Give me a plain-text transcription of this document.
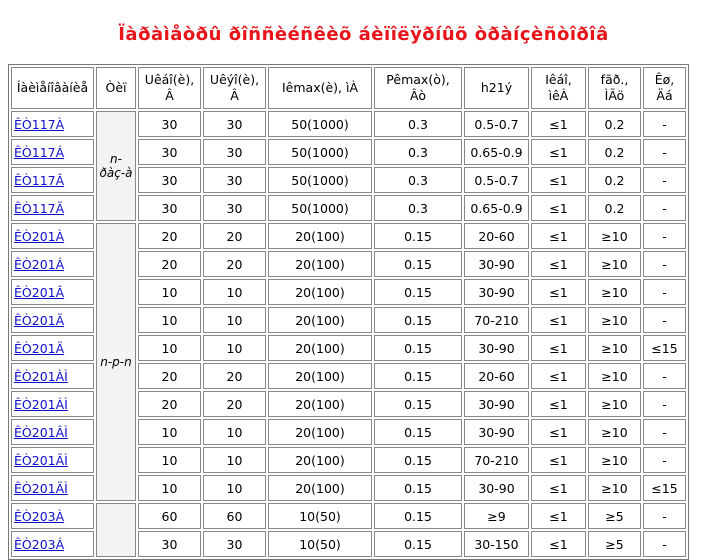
Ïàðàìåòðû ðîññèéñêèõ áèïîëÿðíûõ òðàíçèñòîðîâ
Íàèìåíîâàíèå	Òèï	Uêáî(è), Â	Uêýî(è), Â	Iêmax(è), ìÀ	Pêmax(ò), Âò	h21ý	Iêáî, ìêÀ	fãð., ÌÃö	Êø, Äá
ÊÒ117À	n-ðàç-à	30	30	50(1000)	0.3	0.5-0.7	≤1	0.2	-
ÊÒ117Á		30	30	50(1000)	0.3	0.65-0.9	≤1	0.2	-
ÊÒ117Â		30	30	50(1000)	0.3	0.5-0.7	≤1	0.2	-
ÊÒ117Ã		30	30	50(1000)	0.3	0.65-0.9	≤1	0.2	-
ÊÒ201À	n-p-n	20	20	20(100)	0.15	20-60	≤1	≥10	-
ÊÒ201Á		20	20	20(100)	0.15	30-90	≤1	≥10	-
ÊÒ201Â		10	10	20(100)	0.15	30-90	≤1	≥10	-
ÊÒ201Ã		10	10	20(100)	0.15	70-210	≤1	≥10	-
ÊÒ201Ä		10	10	20(100)	0.15	30-90	≤1	≥10	≤15
ÊÒ201ÀÌ		20	20	20(100)	0.15	20-60	≤1	≥10	-
ÊÒ201ÁÌ		20	20	20(100)	0.15	30-90	≤1	≥10	-
ÊÒ201ÂÌ		10	10	20(100)	0.15	30-90	≤1	≥10	-
ÊÒ201ÃÌ		10	10	20(100)	0.15	70-210	≤1	≥10	-
ÊÒ201ÄÌ		10	10	20(100)	0.15	30-90	≤1	≥10	≤15
ÊÒ203À		60	60	10(50)	0.15	≥9	≤1	≥5	-
ÊÒ203Á		30	30	10(50)	0.15	30-150	≤1	≥5	-
